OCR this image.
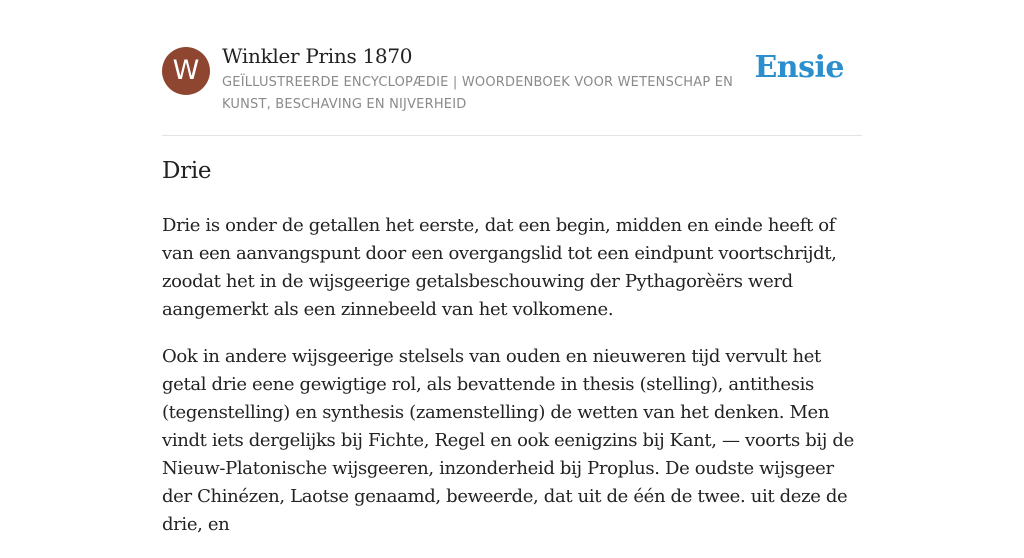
W	Winkler Prins 1870
GEÏLLUSTREERDE ENCYCLOPÆDIE | WOORDENBOEK VOOR WETENSCHAP EN KUNST, BESCHAVING EN NIJVERHEID
Ensie
Drie

Drie is onder de getallen het eerste, dat een begin, midden en einde heeft of van een aanvangspunt door een overgangslid tot een eindpunt voortschrijdt, zoodat het in de wijsgeerige getalsbeschouwing der Pythagorèërs werd aangemerkt als een zinnebeeld van het volkomene.

Ook in andere wijsgeerige stelsels van ouden en nieuweren tijd vervult het getal drie eene gewigtige rol, als bevattende in thesis (stelling), antithesis (tegenstelling) en synthesis (zamenstelling) de wetten van het denken. Men vindt iets dergelijks bij Fichte, Regel en ook eenigzins bij Kant, — voorts bij de Nieuw-Platonische wijsgeeren, inzonderheid bij Proplus. De oudste wijsgeer der Chinézen, Laotse genaamd, beweerde, dat uit de één de twee. uit deze de drie, en
